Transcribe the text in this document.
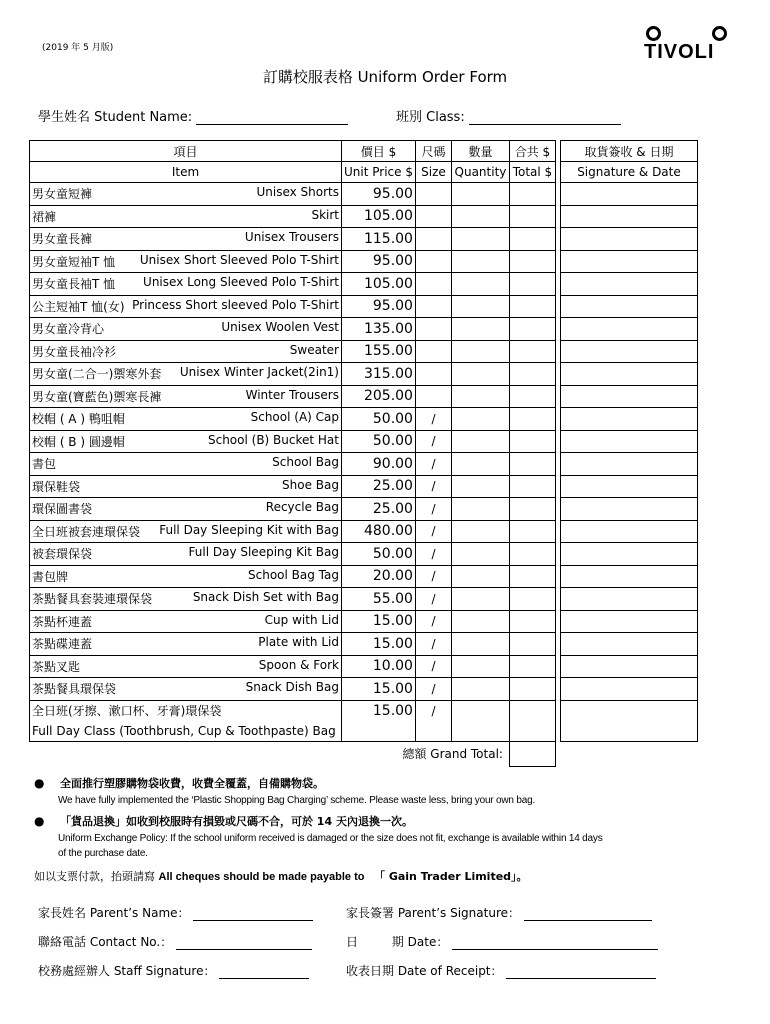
(2019 年 5 月版)	TIVOLI
訂購校服表格 Uniform Order Form
學生姓名 Student Name:	班別 Class:
項目	價目 $	尺碼	數量	合共 $		取貨簽收 & 日期
Item	Unit Price $	Size	Quantity	Total $		Signature & Date

男女童短褲 Unisex Shorts	95.00					

裙褲 Skirt	105.00					

男女童長褲 Unisex Trousers	115.00					

男女童短袖T 恤 Unisex Short Sleeved Polo T-Shirt	95.00					

男女童長袖T 恤 Unisex Long Sleeved Polo T-Shirt	105.00					

公主短袖T 恤(女) Princess Short sleeved Polo T-Shirt	95.00					

男女童冷背心 Unisex Woolen Vest	135.00					

男女童長袖冷衫 Sweater	155.00					

男女童(二合一)禦寒外套 Unisex Winter Jacket(2in1)	315.00					

男女童(寶藍色)禦寒長褲 Winter Trousers	205.00					

校帽 ( A ) 鴨咀帽 School (A) Cap	50.00	/				

校帽 ( B ) 圓邊帽 School (B) Bucket Hat	50.00	/				

書包 School Bag	90.00	/				

環保鞋袋 Shoe Bag	25.00	/				

環保圖書袋 Recycle Bag	25.00	/				

全日班被套連環保袋 Full Day Sleeping Kit with Bag	480.00	/				

被套環保袋 Full Day Sleeping Kit Bag	50.00	/				

書包牌 School Bag Tag	20.00	/				

茶點餐具套裝連環保袋 Snack Dish Set with Bag	55.00	/				

茶點杯連蓋 Cup with Lid	15.00	/				

茶點碟連蓋 Plate with Lid	15.00	/				

茶點叉匙 Spoon & Fork	10.00	/				

茶點餐具環保袋 Snack Dish Bag	15.00	/				

全日班(牙擦、漱口杯、牙膏)環保袋
Full Day Class (Toothbrush, Cup & Toothpaste) Bag	15.00	/				
總額 Grand Total:						
● 全面推行塑膠購物袋收費，收費全覆蓋，自備購物袋。
We have fully implemented the ‘Plastic Shopping Bag Charging’ scheme. Please waste less, bring your own bag.
● 「貨品退換」如收到校服時有損毀或尺碼不合，可於 14 天內退換一次。
Uniform Exchange Policy: If the school uniform received is damaged or the size does not fit, exchange is available within 14 days
of the purchase date.
如以支票付款，抬頭請寫 All cheques should be made payable to 「 Gain Trader Limited」。
家長姓名 Parent’s Name：	家長簽署 Parent’s Signature：
聯絡電話 Contact No.：	日	期 Date：
校務處經辦人 Staff Signature：	收表日期 Date of Receipt：
